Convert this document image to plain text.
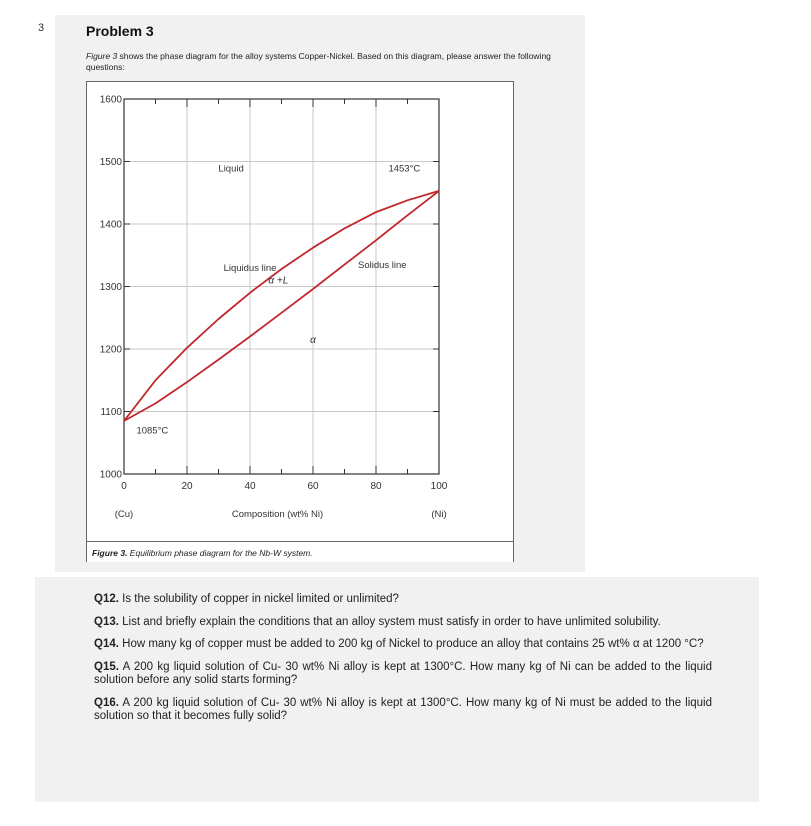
3	Problem 3
Figure 3 shows the phase diagram for the alloy systems Copper-Nickel. Based on this diagram, please answer the following questions:
1000
1100
1200
1300
1400
1500
1600
0	20	40	60	80	100
(Cu)	(Ni)
Composition (wt% Ni)
Liquid	1453°C
Liquidus line	Solidus line
α +L
α
1085°C
Figure 3. Equilibrium phase diagram for the Nb-W system.

Q12. Is the solubility of copper in nickel limited or unlimited?

Q13. List and briefly explain the conditions that an alloy system must satisfy in order to have unlimited solubility.

Q14. How many kg of copper must be added to 200 kg of Nickel to produce an alloy that contains 25 wt% α at 1200 °C?

Q15. A 200 kg liquid solution of Cu- 30 wt% Ni alloy is kept at 1300°C. How many kg of Ni can be added to the liquid solution before any solid starts forming?

Q16. A 200 kg liquid solution of Cu- 30 wt% Ni alloy is kept at 1300°C. How many kg of Ni must be added to the liquid solution so that it becomes fully solid?
